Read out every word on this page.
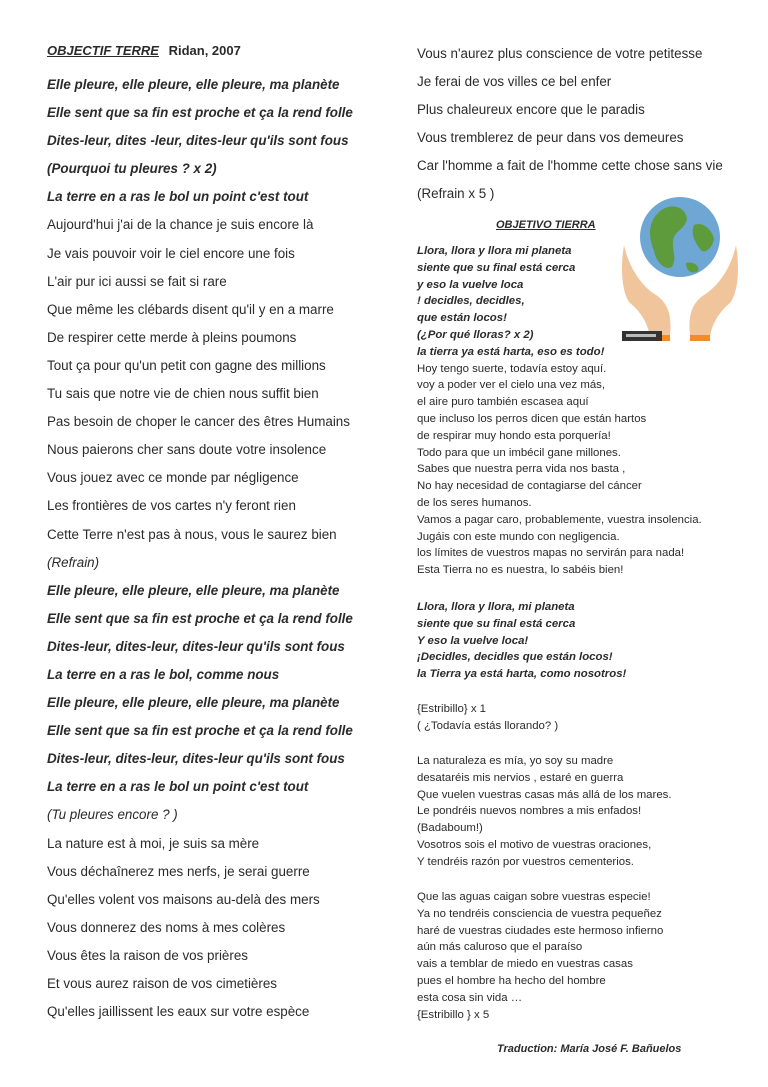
OBJECTIF TERRE Ridan, 2007
Elle pleure, elle pleure, elle pleure, ma planète
Elle sent que sa fin est proche et ça la rend folle
Dites-leur, dites -leur, dites-leur qu'ils sont fous
(Pourquoi tu pleures ? x 2)
La terre en a ras le bol un point c'est tout
Aujourd'hui j'ai de la chance je suis encore là
Je vais pouvoir voir le ciel encore une fois
L'air pur ici aussi se fait si rare
Que même les clébards disent qu'il y en a marre
De respirer cette merde à pleins poumons
Tout ça pour qu'un petit con gagne des millions
Tu sais que notre vie de chien nous suffit bien
Pas besoin de choper le cancer des êtres Humains
Nous paierons cher sans doute votre insolence
Vous jouez avec ce monde par négligence
Les frontières de vos cartes n'y feront rien
Cette Terre n'est pas à nous, vous le saurez bien
(Refrain)
Elle pleure, elle pleure, elle pleure, ma planète
Elle sent que sa fin est proche et ça la rend folle
Dites-leur, dites-leur, dites-leur qu'ils sont fous
La terre en a ras le bol, comme nous
Elle pleure, elle pleure, elle pleure, ma planète
Elle sent que sa fin est proche et ça la rend folle
Dites-leur, dites-leur, dites-leur qu'ils sont fous
La terre en a ras le bol un point c'est tout
(Tu pleures encore ? )
La nature est à moi, je suis sa mère
Vous déchaînerez mes nerfs, je serai guerre
Qu'elles volent vos maisons au-delà des mers
Vous donnerez des noms à mes colères
Vous êtes la raison de vos prières
Et vous aurez raison de vos cimetières
Qu'elles jaillissent les eaux sur votre espèce
Vous n'aurez plus conscience de votre petitesse
Je ferai de vos villes ce bel enfer
Plus chaleureux encore que le paradis
Vous tremblerez de peur dans vos demeures
Car l'homme a fait de l'homme cette chose sans vie
(Refrain x 5 )
OBJETIVO TIERRA
Llora, llora y llora mi planeta
siente que su final está cerca
y eso la vuelve loca
! decidles, decidles,
que están locos!
(¿Por qué lloras? x 2)
la tierra ya está harta, eso es todo!
Hoy tengo suerte, todavía estoy aquí.
voy a poder ver el cielo una vez más,
el aire puro también escasea aquí
que incluso los perros dicen que están hartos
de respirar muy hondo esta porquería!
Todo para que un imbécil gane millones.
Sabes que nuestra perra vida nos basta ,
No hay necesidad de contagiarse del cáncer
de los seres humanos.
Vamos a pagar caro, probablemente, vuestra insolencia.
Jugáis con este mundo con negligencia.
los límites de vuestros mapas no servirán para nada!
Esta Tierra no es nuestra, lo sabéis bien!
Llora, llora y llora, mi planeta
siente que su final está cerca
Y eso la vuelve loca!
¡Decidles, decidles que están locos!
la Tierra ya está harta, como nosotros!
{Estribillo} x 1
( ¿Todavía estás llorando? )
La naturaleza es mía, yo soy su madre
desataréis mis nervios , estaré en guerra
Que vuelen vuestras casas más allá de los mares.
Le pondréis nuevos nombres a mis enfados!
(Badaboum!)
Vosotros sois el motivo de vuestras oraciones,
Y tendréis razón por vuestros cementerios.
Que las aguas caigan sobre vuestras especie!
Ya no tendréis consciencia de vuestra pequeñez
haré de vuestras ciudades este hermoso infierno
aún más caluroso que el paraíso
vais a temblar de miedo en vuestras casas
pues el hombre ha hecho del hombre
esta cosa sin vida …
{Estribillo } x 5
Traduction: María José F. Bañuelos
